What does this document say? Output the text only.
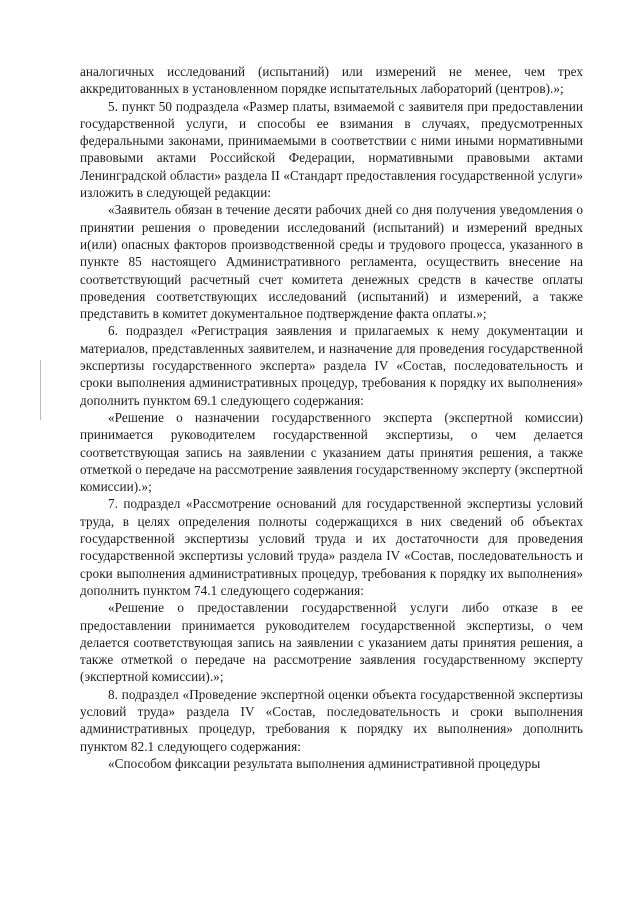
аналогичных исследований (испытаний) или измерений не менее, чем трех аккредитованных в установленном порядке испытательных лабораторий (центров).»;

5. пункт 50 подраздела «Размер платы, взимаемой с заявителя при предоставлении государственной услуги, и способы ее взимания в случаях, предусмотренных федеральными законами, принимаемыми в соответствии с ними иными нормативными правовыми актами Российской Федерации, нормативными правовыми актами Ленинградской области» раздела II «Стандарт предоставления государственной услуги» изложить в следующей редакции:

«Заявитель обязан в течение десяти рабочих дней со дня получения уведомления о принятии решения о проведении исследований (испытаний) и измерений вредных и(или) опасных факторов производственной среды и трудового процесса, указанного в пункте 85 настоящего Административного регламента, осуществить внесение на соответствующий расчетный счет комитета денежных средств в качестве оплаты проведения соответствующих исследований (испытаний) и измерений, а также представить в комитет документальное подтверждение факта оплаты.»;

6. подраздел «Регистрация заявления и прилагаемых к нему документации и материалов, представленных заявителем, и назначение для проведения государственной экспертизы государственного эксперта» раздела IV «Состав, последовательность и сроки выполнения административных процедур, требования к порядку их выполнения» дополнить пунктом 69.1 следующего содержания:

«Решение о назначении государственного эксперта (экспертной комиссии) принимается руководителем государственной экспертизы, о чем делается соответствующая запись на заявлении с указанием даты принятия решения, а также отметкой о передаче на рассмотрение заявления государственному эксперту (экспертной комиссии).»;

7. подраздел «Рассмотрение оснований для государственной экспертизы условий труда, в целях определения полноты содержащихся в них сведений об объектах государственной экспертизы условий труда и их достаточности для проведения государственной экспертизы условий труда» раздела IV «Состав, последовательность и сроки выполнения административных процедур, требования к порядку их выполнения» дополнить пунктом 74.1 следующего содержания:

«Решение о предоставлении государственной услуги либо отказе в ее предоставлении принимается руководителем государственной экспертизы, о чем делается соответствующая запись на заявлении с указанием даты принятия решения, а также отметкой о передаче на рассмотрение заявления государственному эксперту (экспертной комиссии).»;

8. подраздел «Проведение экспертной оценки объекта государственной экспертизы условий труда» раздела IV «Состав, последовательность и сроки выполнения административных процедур, требования к порядку их выполнения» дополнить пунктом 82.1 следующего содержания:

«Способом фиксации результата выполнения административной процедуры
